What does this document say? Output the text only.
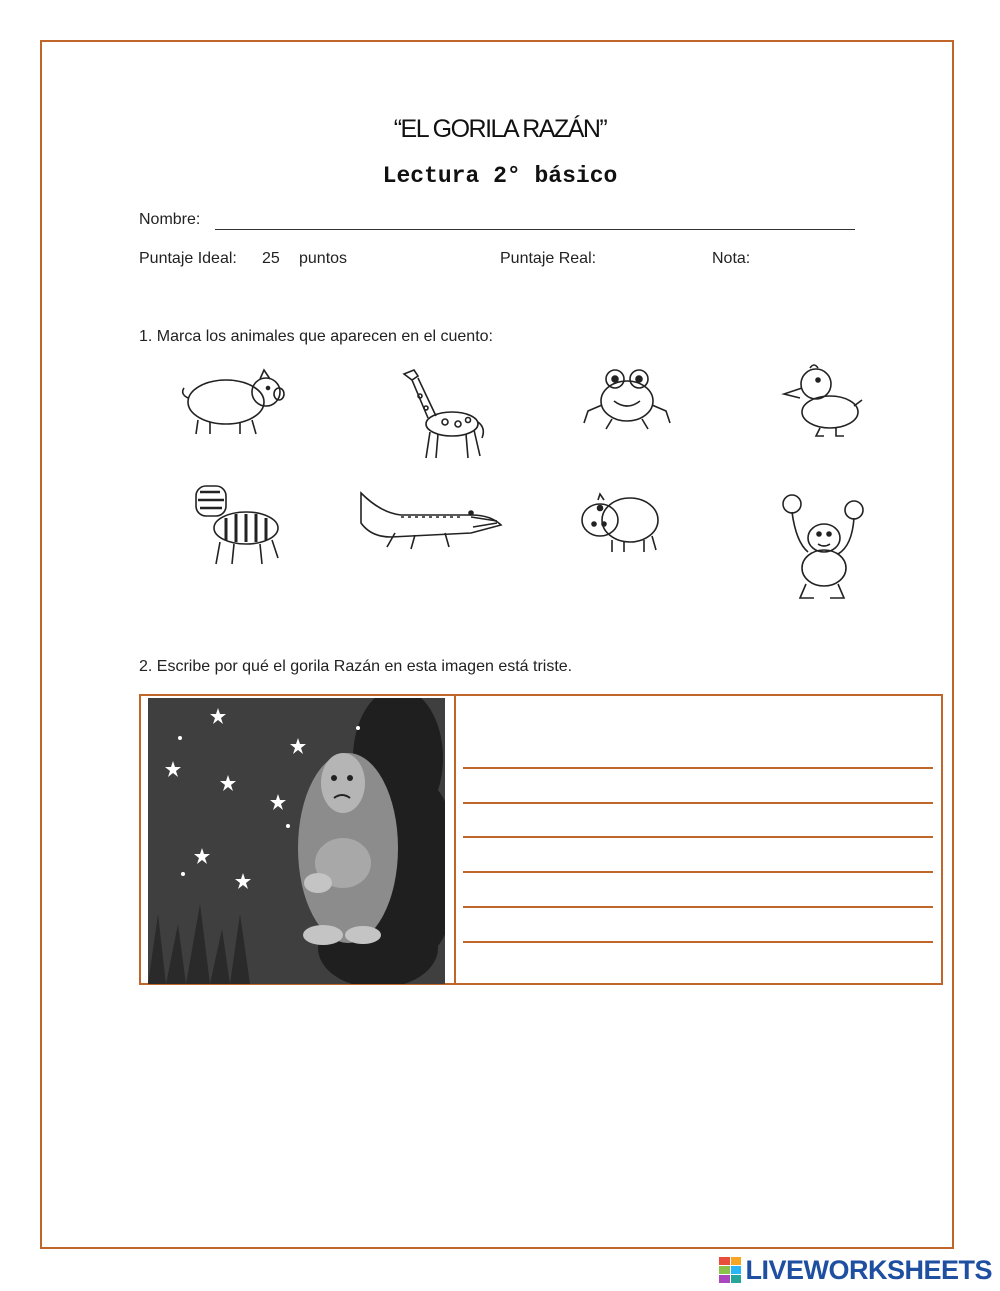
“EL GORILA RAZÁN”
Lectura 2° básico
Nombre:
Puntaje Ideal: 25 puntos	Puntaje Real:	Nota:
1. Marca los animales que aparecen en el cuento:
2. Escribe por qué el gorila Razán en esta imagen está triste.
LIVEWORKSHEETS
